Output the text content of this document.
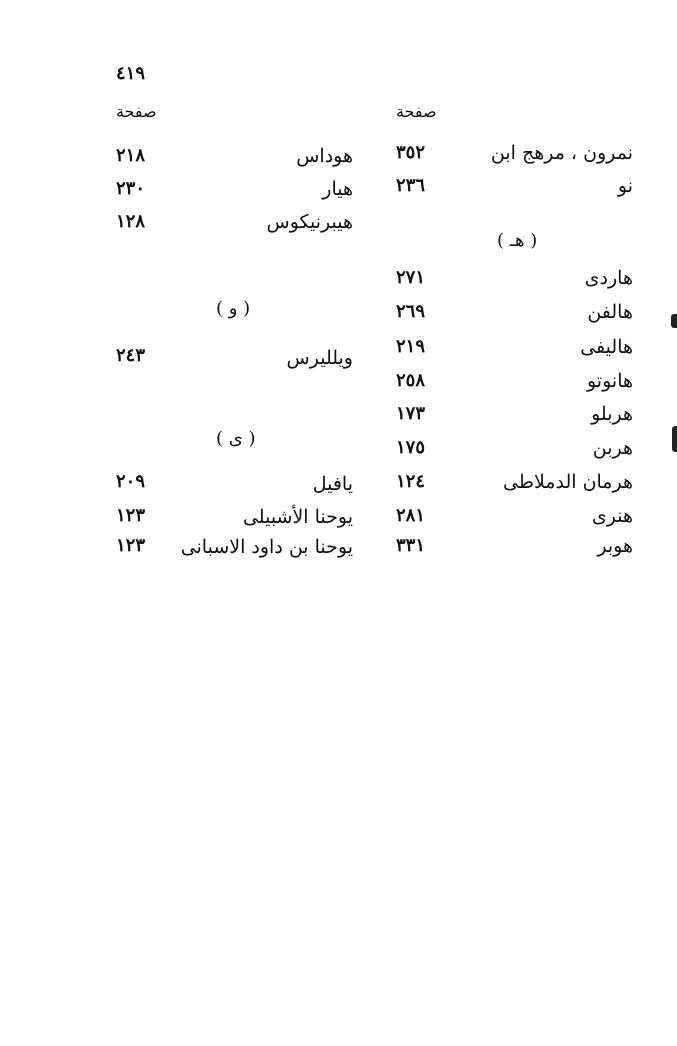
٤١٩
صفحة	صفحة
نمرون ، مرهج ابن
٣٥٢
نو
٢٣٦
( هـ )
هاردى
٢٧١
هالفن
٢٦٩
هاليفى
٢١٩
هانوتو
٢٥٨
هربلو
١٧٣
هربن
١٧٥
هرمان الدملاطى
١٢٤
هنرى
٢٨١
هوبر
٣٣١
هوداس
٢١٨
هيار
٢٣٠
هيبرنيكوس
١٢٨
( و )
ويلليرس
٢٤٣
( ى )
يافيل
٢٠٩
يوحنا الأشبيلى
١٢٣
يوحنا بن داود الاسبانى
١٢٣
